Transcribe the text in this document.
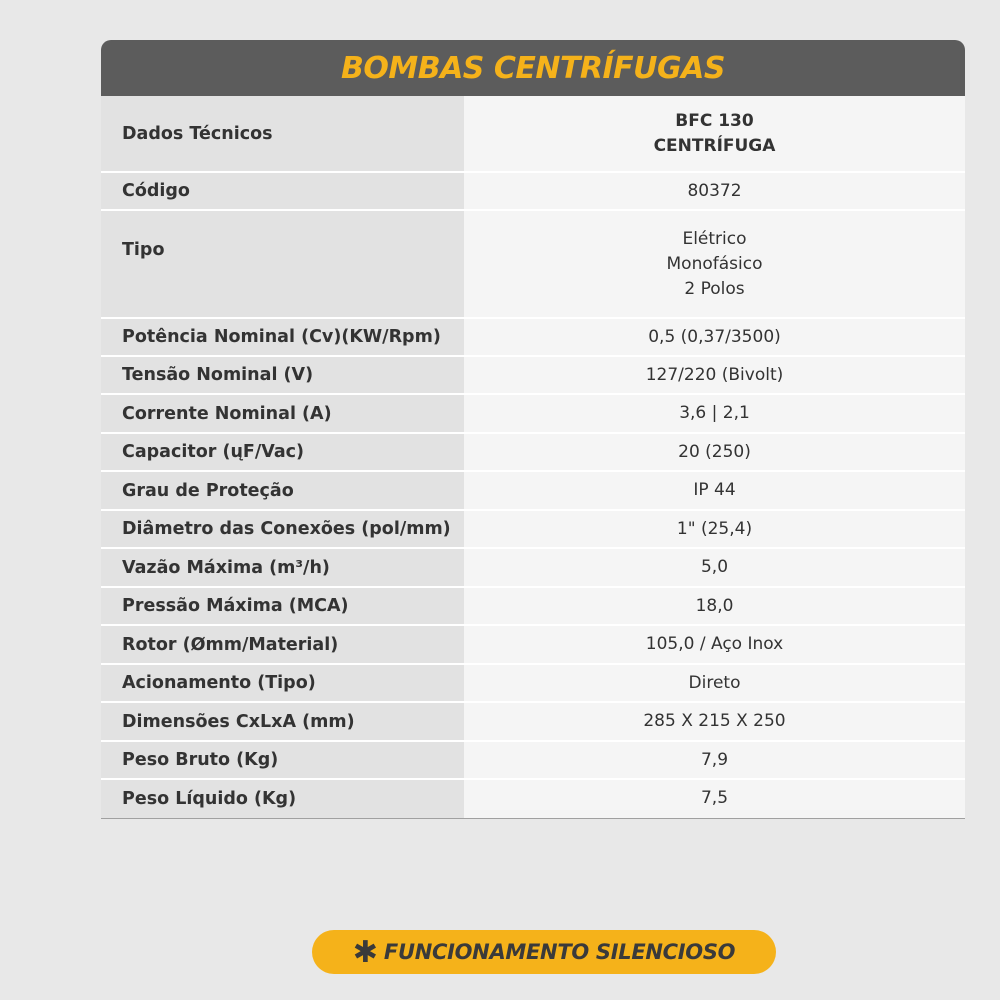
BOMBAS CENTRÍFUGAS
Dados Técnicos	BFC 130
CENTRÍFUGA

Código	80372
Tipo	Elétrico
Monofásico
2 Polos

Potência Nominal (Cv)(KW/Rpm)	0,5 (0,37/3500)
Tensão Nominal (V)	127/220 (Bivolt)
Corrente Nominal (A)	3,6 | 2,1
Capacitor (ųF/Vac)	20 (250)
Grau de Proteção	IP 44
Diâmetro das Conexões (pol/mm)	1" (25,4)
Vazão Máxima (m³/h)	5,0
Pressão Máxima (MCA)	18,0
Rotor (Ømm/Material)	105,0 / Aço Inox
Acionamento (Tipo)	Direto
Dimensões CxLxA (mm)	285 X 215 X 250
Peso Bruto (Kg)	7,9
Peso Líquido (Kg)	7,5
✱ FUNCIONAMENTO SILENCIOSO
